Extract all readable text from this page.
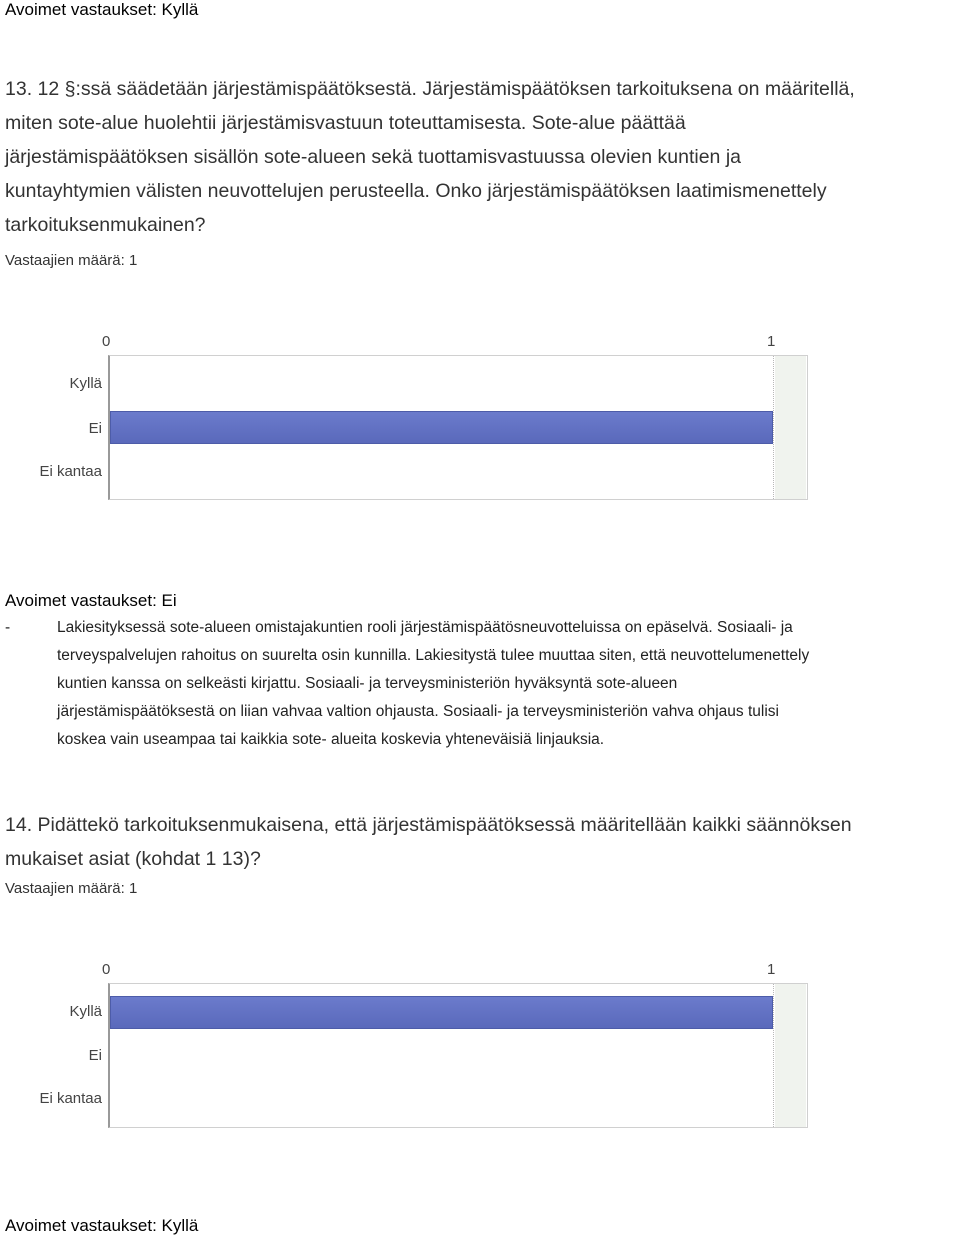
Avoimet vastaukset: Kyllä
13. 12 §:ssä säädetään järjestämispäätöksestä. Järjestämispäätöksen tarkoituksena on määritellä,
miten sote-alue huolehtii järjestämisvastuun toteuttamisesta. Sote-alue päättää
järjestämispäätöksen sisällön sote-alueen sekä tuottamisvastuussa olevien kuntien ja
kuntayhtymien välisten neuvottelujen perusteella. Onko järjestämispäätöksen laatimismenettely
tarkoituksenmukainen?
Vastaajien määrä: 1
0	1
Kyllä
Ei
Ei kantaa
Avoimet vastaukset: Ei
-	Lakiesityksessä sote-alueen omistajakuntien rooli järjestämispäätösneuvotteluissa on epäselvä. Sosiaali- ja
terveyspalvelujen rahoitus on suurelta osin kunnilla. Lakiesitystä tulee muuttaa siten, että neuvottelumenettely
kuntien kanssa on selkeästi kirjattu. Sosiaali- ja terveysministeriön hyväksyntä sote-alueen
järjestämispäätöksestä on liian vahvaa valtion ohjausta. Sosiaali- ja terveysministeriön vahva ohjaus tulisi
koskea vain useampaa tai kaikkia sote- alueita koskevia yhteneväisiä linjauksia.
14. Pidättekö tarkoituksenmukaisena, että järjestämispäätöksessä määritellään kaikki säännöksen
mukaiset asiat (kohdat 1 13)?
Vastaajien määrä: 1
0	1
Kyllä
Ei
Ei kantaa
Avoimet vastaukset: Kyllä
